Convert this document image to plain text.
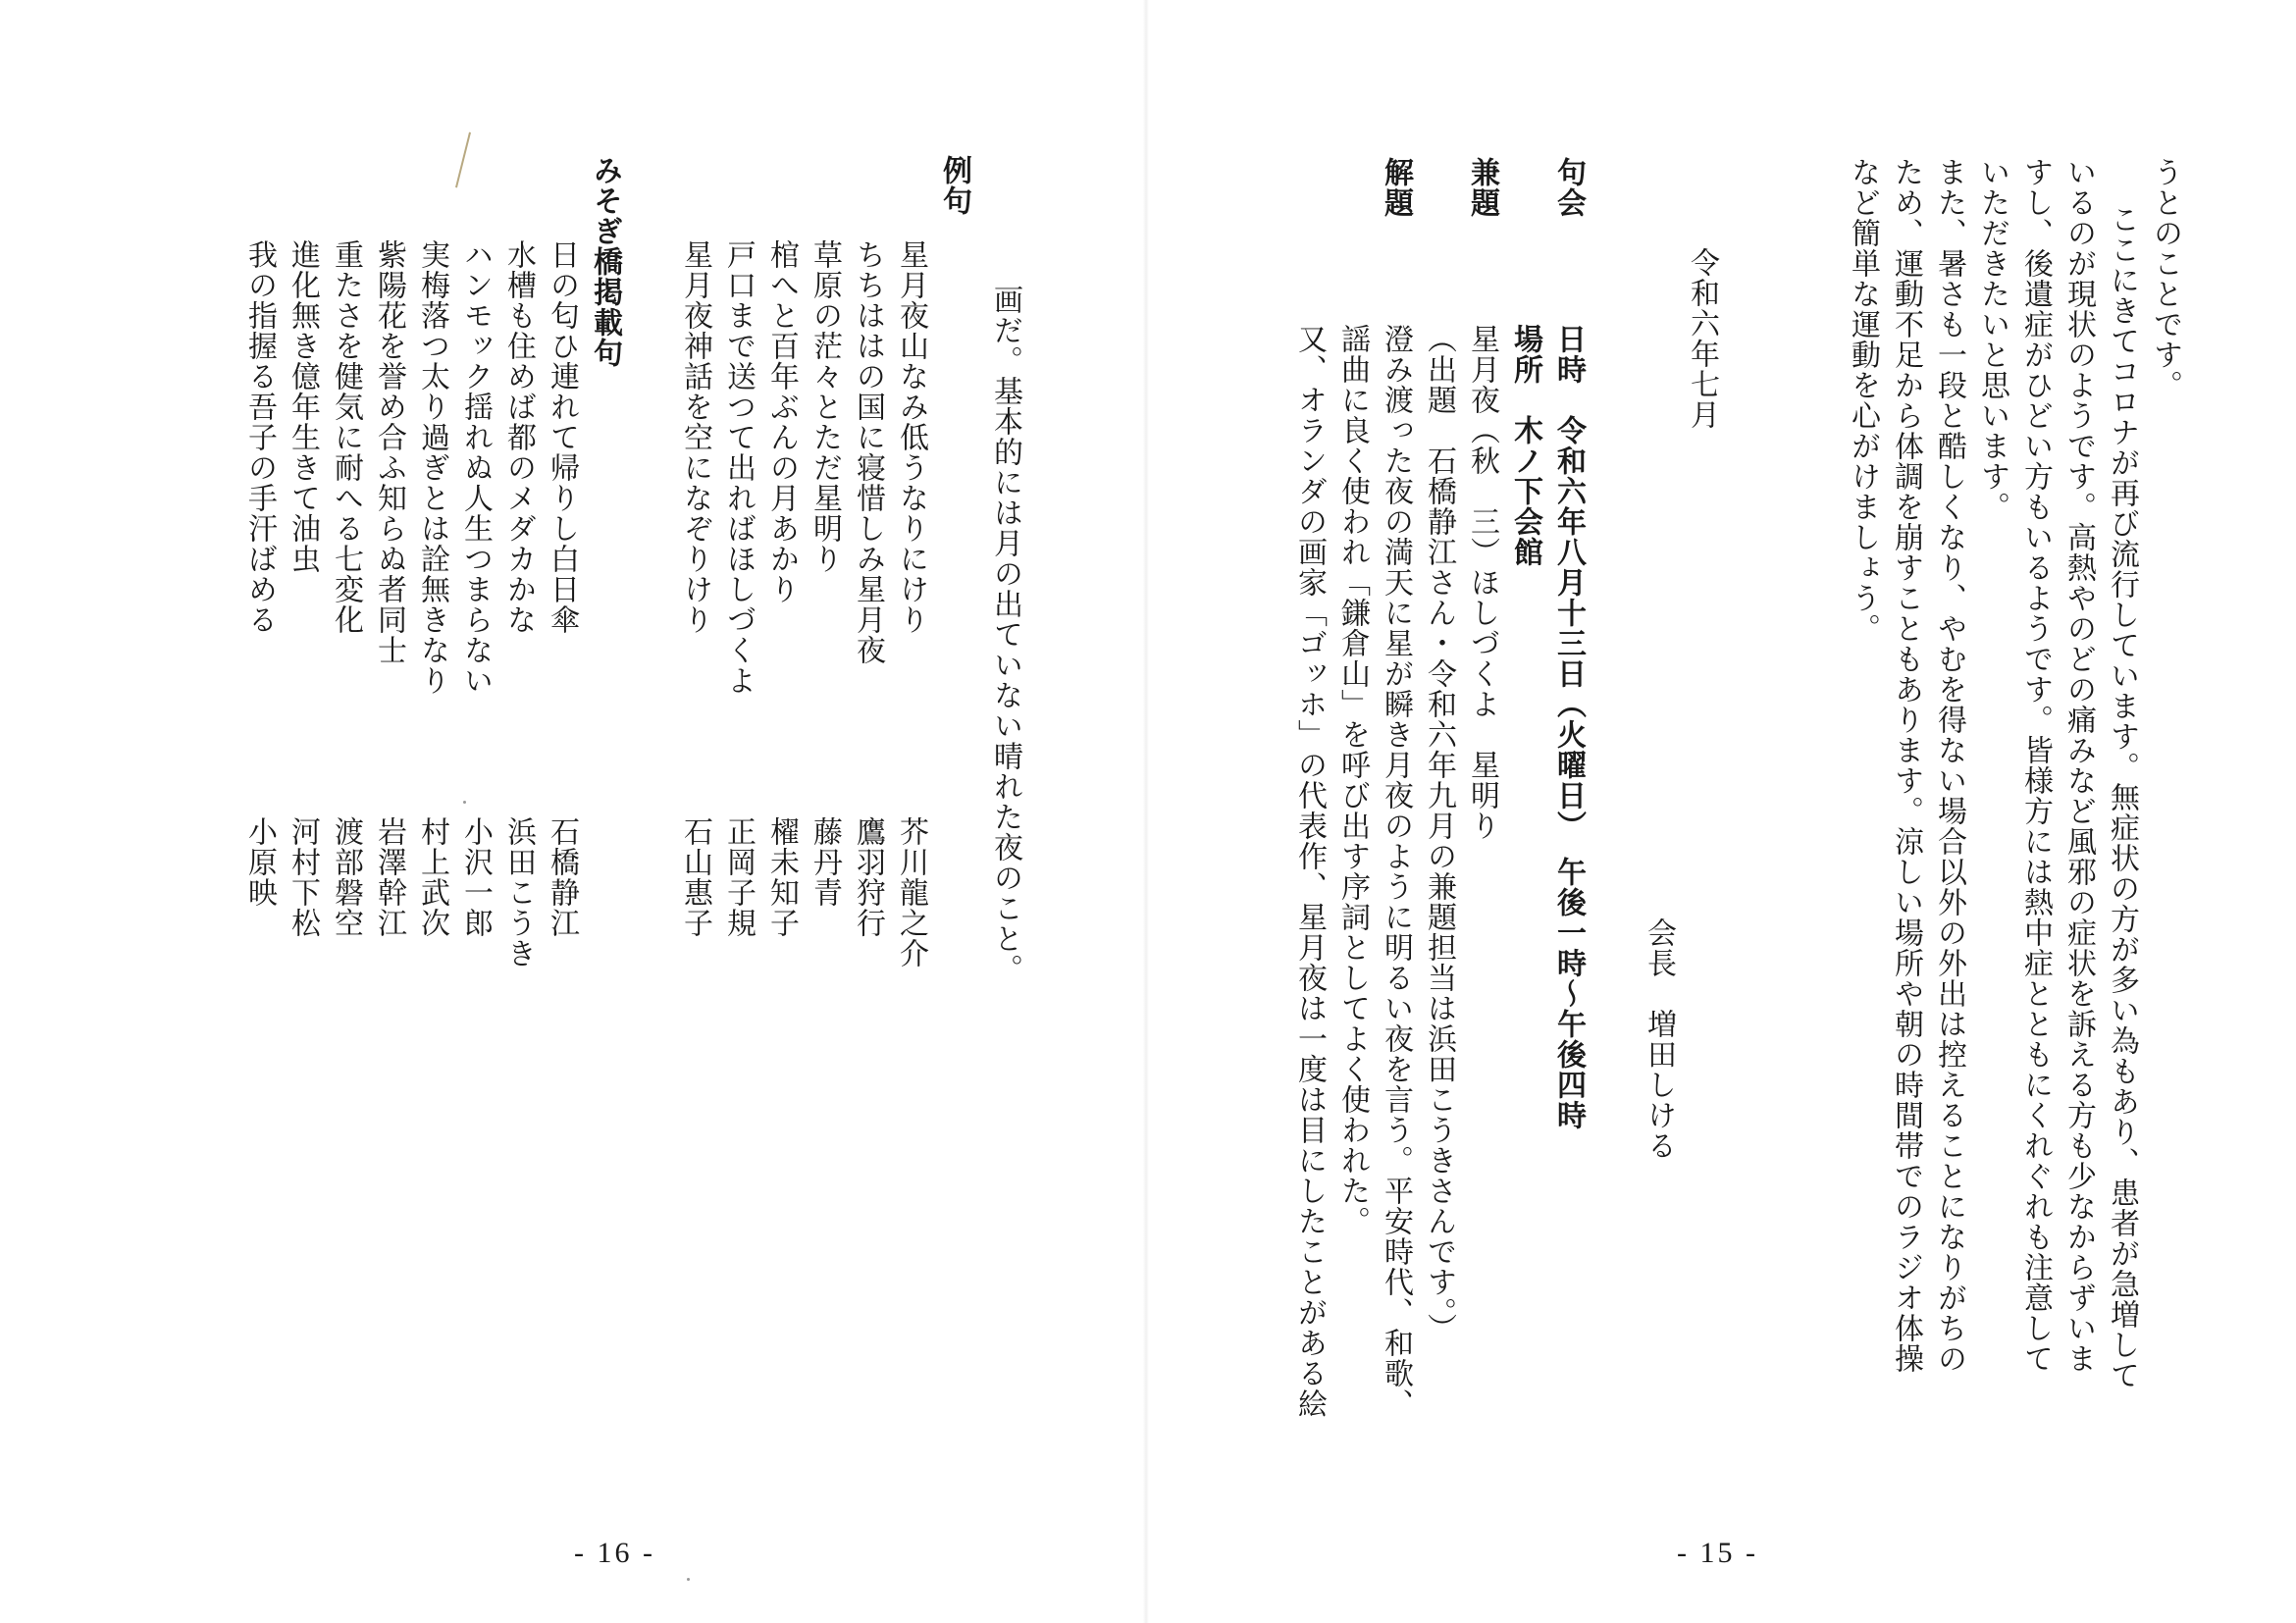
うとのことです。
ここにきてコロナが再び流行しています。無症状の方が多い為もあり、患者が急増して
いるのが現状のようです。高熱やのどの痛みなど風邪の症状を訴える方も少なからずいま
すし、後遺症がひどい方もいるようです。皆様方には熱中症とともにくれぐれも注意して
いただきたいと思います。
また、暑さも一段と酷しくなり、やむを得ない場合以外の外出は控えることになりがちの
ため、運動不足から体調を崩すこともあります。涼しい場所や朝の時間帯でのラジオ体操
など簡単な運動を心がけましょう。
令和六年七月
会長　増田しける
句会
日時　令和六年八月十三日（火曜日）　午後一時～午後四時
場所　木ノ下会館
兼題
星月夜（秋　三）ほしづくよ　星明り
解題
（出題　石橋静江さん・令和六年九月の兼題担当は浜田こうきさんです。）
澄み渡った夜の満天に星が瞬き月夜のように明るい夜を言う。平安時代、和歌、
謡曲に良く使われ「鎌倉山」を呼び出す序詞としてよく使われた。
又、オランダの画家「ゴッホ」の代表作、星月夜は一度は目にしたことがある絵
- 15 -
画だ。基本的には月の出ていない晴れた夜のこと。
例句
星月夜山なみ低うなりにけり
芥川龍之介
ちちははの国に寝惜しみ星月夜
鷹羽狩行
草原の茫々とただ星明り
藤丹青
棺へと百年ぶんの月あかり
櫂未知子
戸口まで送つて出ればほしづくよ
正岡子規
星月夜神話を空になぞりけり
石山惠子
みそぎ橋掲載句
日の匂ひ連れて帰りし白日傘
石橋静江
水槽も住めば都のメダカかな
浜田こうき
ハンモック揺れぬ人生つまらない
小沢一郎
実梅落つ太り過ぎとは詮無きなり
村上武次
紫陽花を誉め合ふ知らぬ者同士
岩澤幹江
重たさを健気に耐へる七変化
渡部磐空
進化無き億年生きて油虫
河村下松
我の指握る吾子の手汗ばめる
小原映
- 16 -
